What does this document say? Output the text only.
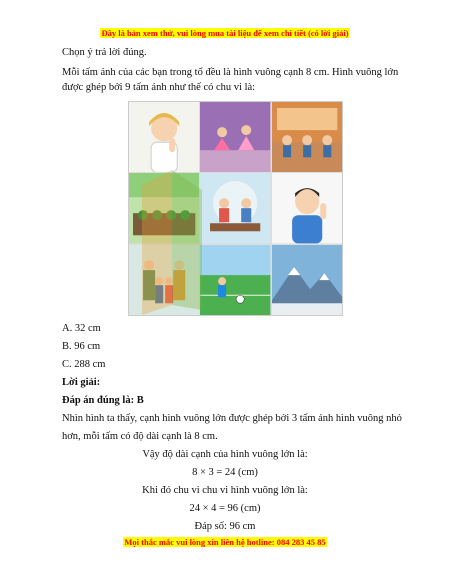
Đây là bản xem thử, vui lòng mua tài liệu để xem chi tiết (có lời giải)
Chọn ý trả lời đúng.
Mỗi tấm ảnh của các bạn trong tổ đều là hình vuông cạnh 8 cm. Hình vuông lớn
được ghép bởi 9 tấm ảnh như thế có chu vi là:
A. 32 cm
B. 96 cm
C. 288 cm
Lời giải:
Đáp án đúng là: B
Nhìn hình ta thấy, cạnh hình vuông lớn được ghép bởi 3 tấm ảnh hình vuông nhỏ
hơn, mỗi tấm có độ dài cạnh là 8 cm.
Vậy độ dài cạnh của hình vuông lớn là:
8 × 3 = 24 (cm)
Khi đó chu vi chu vi hình vuông lớn là:
24 × 4 = 96 (cm)
Đáp số: 96 cm
Mọi thắc mắc vui lòng xin liên hệ hotline: 084 283 45 85
